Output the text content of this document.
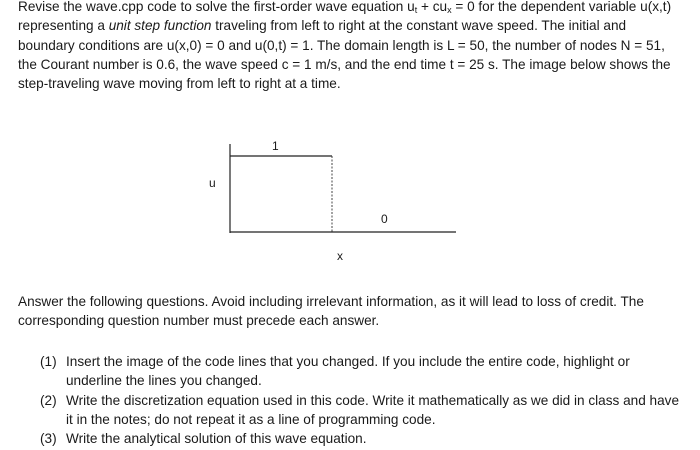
Revise the wave.cpp code to solve the first-order wave equation $u_t + cu_x = 0$ for the dependent variable u(x,t) representing a unit step function traveling from left to right at the constant wave speed. The initial and boundary conditions are u(x,0) = 0 and u(0,t) = 1. The domain length is L = 50, the number of nodes N = 51, the Courant number is 0.6, the wave speed c = 1 m/s, and the end time t = 25 s. The image below shows the step-traveling wave moving from left to right at a time.

1
u
0
x

Answer the following questions. Avoid including irrelevant information, as it will lead to loss of credit. The corresponding question number must precede each answer.

(1) Insert the image of the code lines that you changed. If you include the entire code, highlight or underline the lines you changed.
(2) Write the discretization equation used in this code. Write it mathematically as we did in class and have it in the notes; do not repeat it as a line of programming code.
(3) Write the analytical solution of this wave equation.
